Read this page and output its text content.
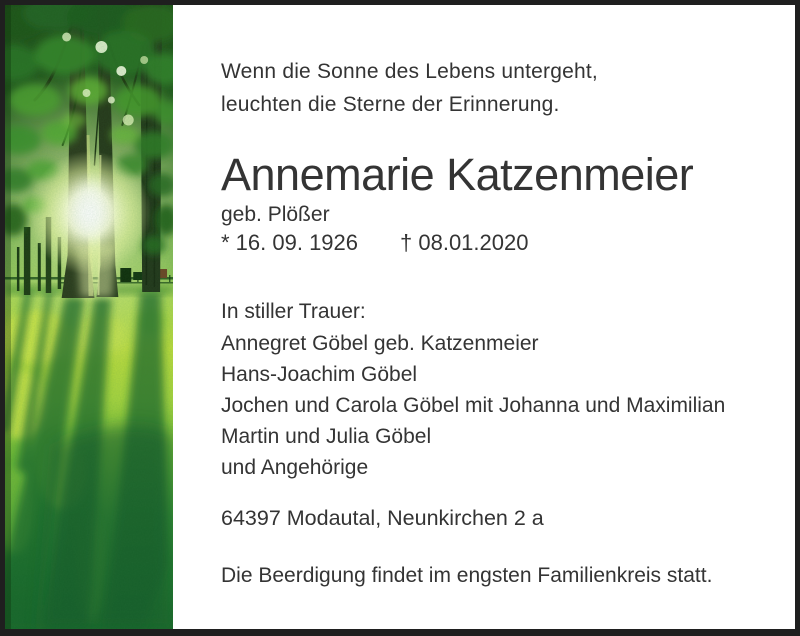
Wenn die Sonne des Lebens untergeht,
leuchten die Sterne der Erinnerung.

Annemarie Katzenmeier

geb. Plößer

* 16. 09. 1926 † 08.01.2020

In stiller Trauer:

Annegret Göbel geb. Katzenmeier
Hans-Joachim Göbel
Jochen und Carola Göbel mit Johanna und Maximilian
Martin und Julia Göbel
und Angehörige

64397 Modautal, Neunkirchen 2 a

Die Beerdigung findet im engsten Familienkreis statt.
